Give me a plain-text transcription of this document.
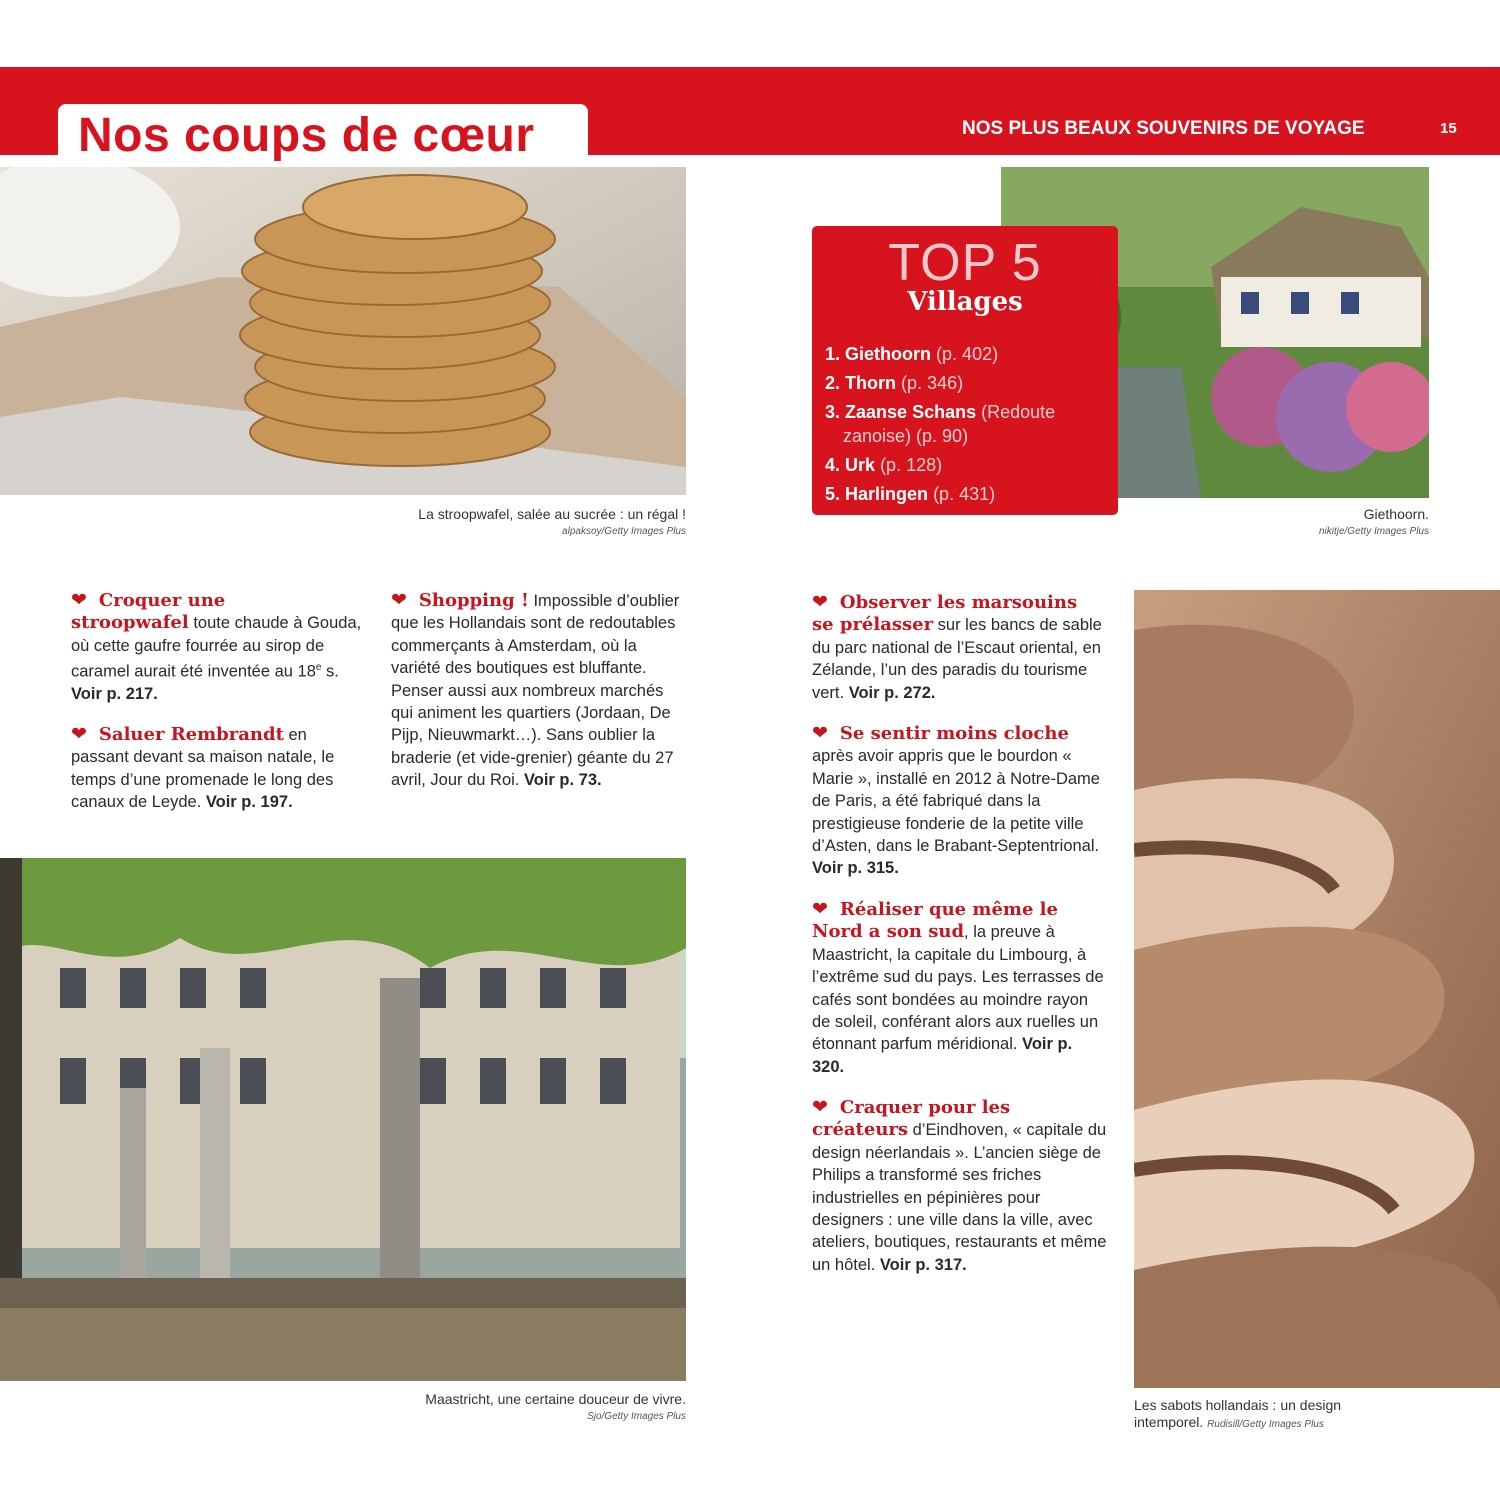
Nos coups de cœur	NOS PLUS BEAUX SOUVENIRS DE VOYAGE	15
La stroopwafel, salée au sucrée : un régal !
alpaksoy/Getty Images Plus
Giethoorn.
nikitje/Getty Images Plus
TOP 5
Villages
1. Giethoorn (p. 402)
2. Thorn (p. 346)
3. Zaanse Schans (Redoute
zanoise) (p. 90)
4. Urk (p. 128)
5. Harlingen (p. 431)
❤ Croquer une
stroopwafel toute chaude à Gouda, où cette gaufre fourrée au sirop de caramel aurait été inventée au 18e s. Voir p. 217.
❤ Saluer Rembrandt en passant devant sa maison natale, le temps d’une promenade le long des canaux de Leyde. Voir p. 197.
❤ Shopping ! Impossible d’oublier que les Hollandais sont de redoutables commerçants à Amsterdam, où la variété des boutiques est bluffante. Penser aussi aux nombreux marchés qui animent les quartiers (Jordaan, De Pijp, Nieuwmarkt…). Sans oublier la braderie (et vide-grenier) géante du 27 avril, Jour du Roi. Voir p. 73.
Maastricht, une certaine douceur de vivre.
Sjo/Getty Images Plus
❤ Observer les marsouins
se prélasser sur les bancs de sable du parc national de l’Escaut oriental, en Zélande, l’un des paradis du tourisme vert. Voir p. 272.
❤ Se sentir moins cloche
après avoir appris que le bourdon « Marie », installé en 2012 à Notre-Dame de Paris, a été fabriqué dans la prestigieuse fonderie de la petite ville d’Asten, dans le Brabant-Septentrional. Voir p. 315.
❤ Réaliser que même le
Nord a son sud, la preuve à Maastricht, la capitale du Limbourg, à l’extrême sud du pays. Les terrasses de cafés sont bondées au moindre rayon de soleil, conférant alors aux ruelles un étonnant parfum méridional. Voir p. 320.
❤ Craquer pour les
créateurs d’Eindhoven, « capitale du design néerlandais ». L’ancien siège de Philips a transformé ses friches industrielles en pépinières pour designers : une ville dans la ville, avec ateliers, boutiques, restaurants et même un hôtel. Voir p. 317.
Les sabots hollandais : un design
intemporel. Rudisill/Getty Images Plus
